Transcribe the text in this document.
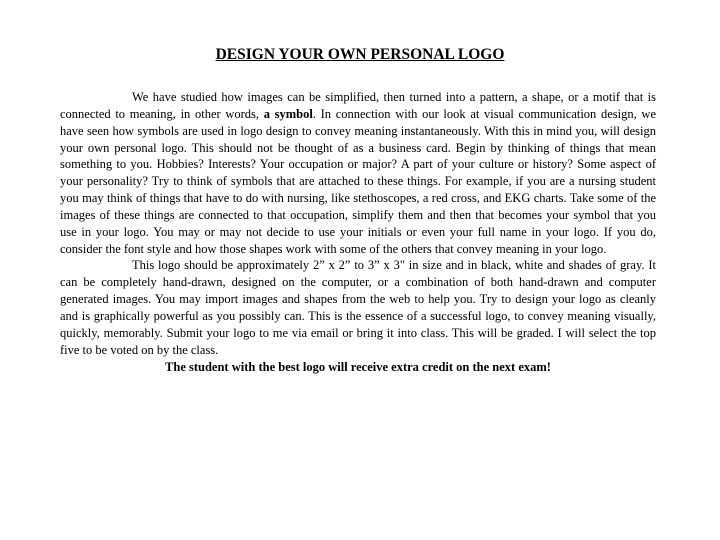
DESIGN YOUR OWN PERSONAL LOGO

We have studied how images can be simplified, then turned into a pattern, a shape, or a motif that is connected to meaning, in other words, a symbol. In connection with our look at visual communication design, we have seen how symbols are used in logo design to convey meaning instantaneously. With this in mind you, will design your own personal logo. This should not be thought of as a business card. Begin by thinking of things that mean something to you. Hobbies? Interests? Your occupation or major? A part of your culture or history? Some aspect of your personality? Try to think of symbols that are attached to these things. For example, if you are a nursing student you may think of things that have to do with nursing, like stethoscopes, a red cross, and EKG charts. Take some of the images of these things are connected to that occupation, simplify them and then that becomes your symbol that you use in your logo. You may or may not decide to use your initials or even your full name in your logo. If you do, consider the font style and how those shapes work with some of the others that convey meaning in your logo.

This logo should be approximately 2” x 2” to 3” x 3" in size and in black, white and shades of gray. It can be completely hand-drawn, designed on the computer, or a combination of both hand-drawn and computer generated images. You may import images and shapes from the web to help you. Try to design your logo as cleanly and is graphically powerful as you possibly can. This is the essence of a successful logo, to convey meaning visually, quickly, memorably. Submit your logo to me via email or bring it into class. This will be graded. I will select the top five to be voted on by the class.

The student with the best logo will receive extra credit on the next exam!
